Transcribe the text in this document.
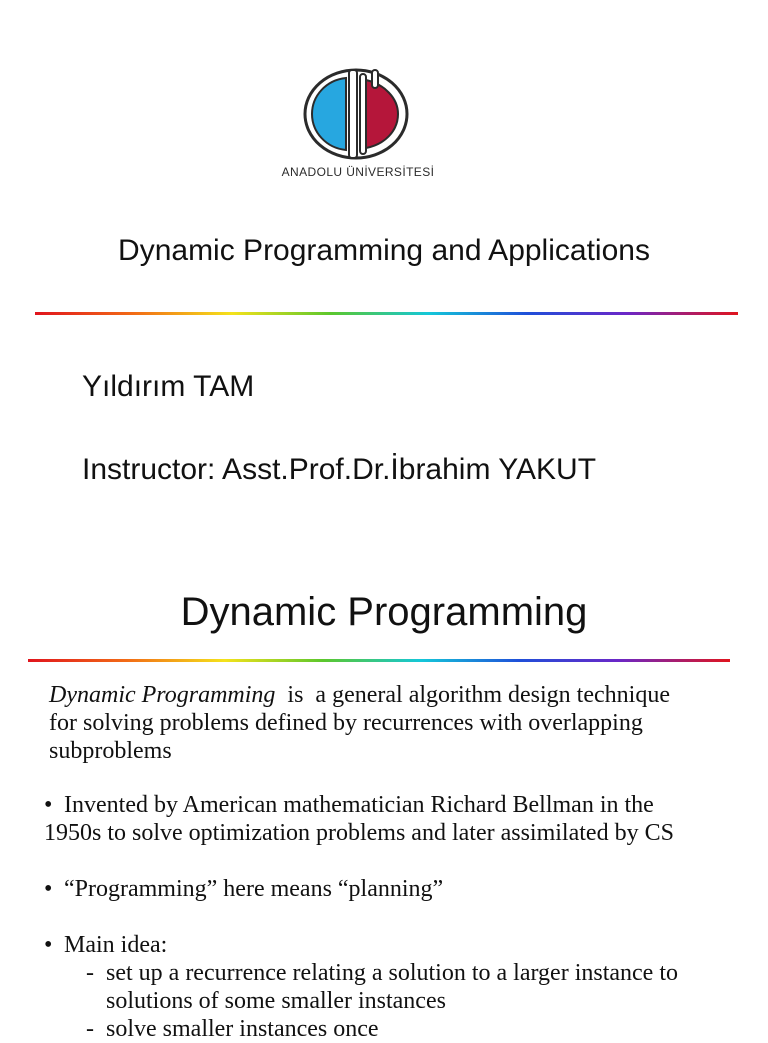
ANADOLU ÜNİVERSİTESİ
Dynamic Programming and Applications
Yıldırım TAM
Instructor: Asst.Prof.Dr.İbrahim YAKUT
Dynamic Programming
Dynamic Programming  is  a general algorithm design technique
for solving problems defined by recurrences with overlapping
subproblems
• Invented by American mathematician Richard Bellman in the
1950s to solve optimization problems and later assimilated by CS
• “Programming” here means “planning”
• Main idea:
- set up a recurrence relating a solution to a larger instance to
solutions of some smaller instances
- solve smaller instances once
